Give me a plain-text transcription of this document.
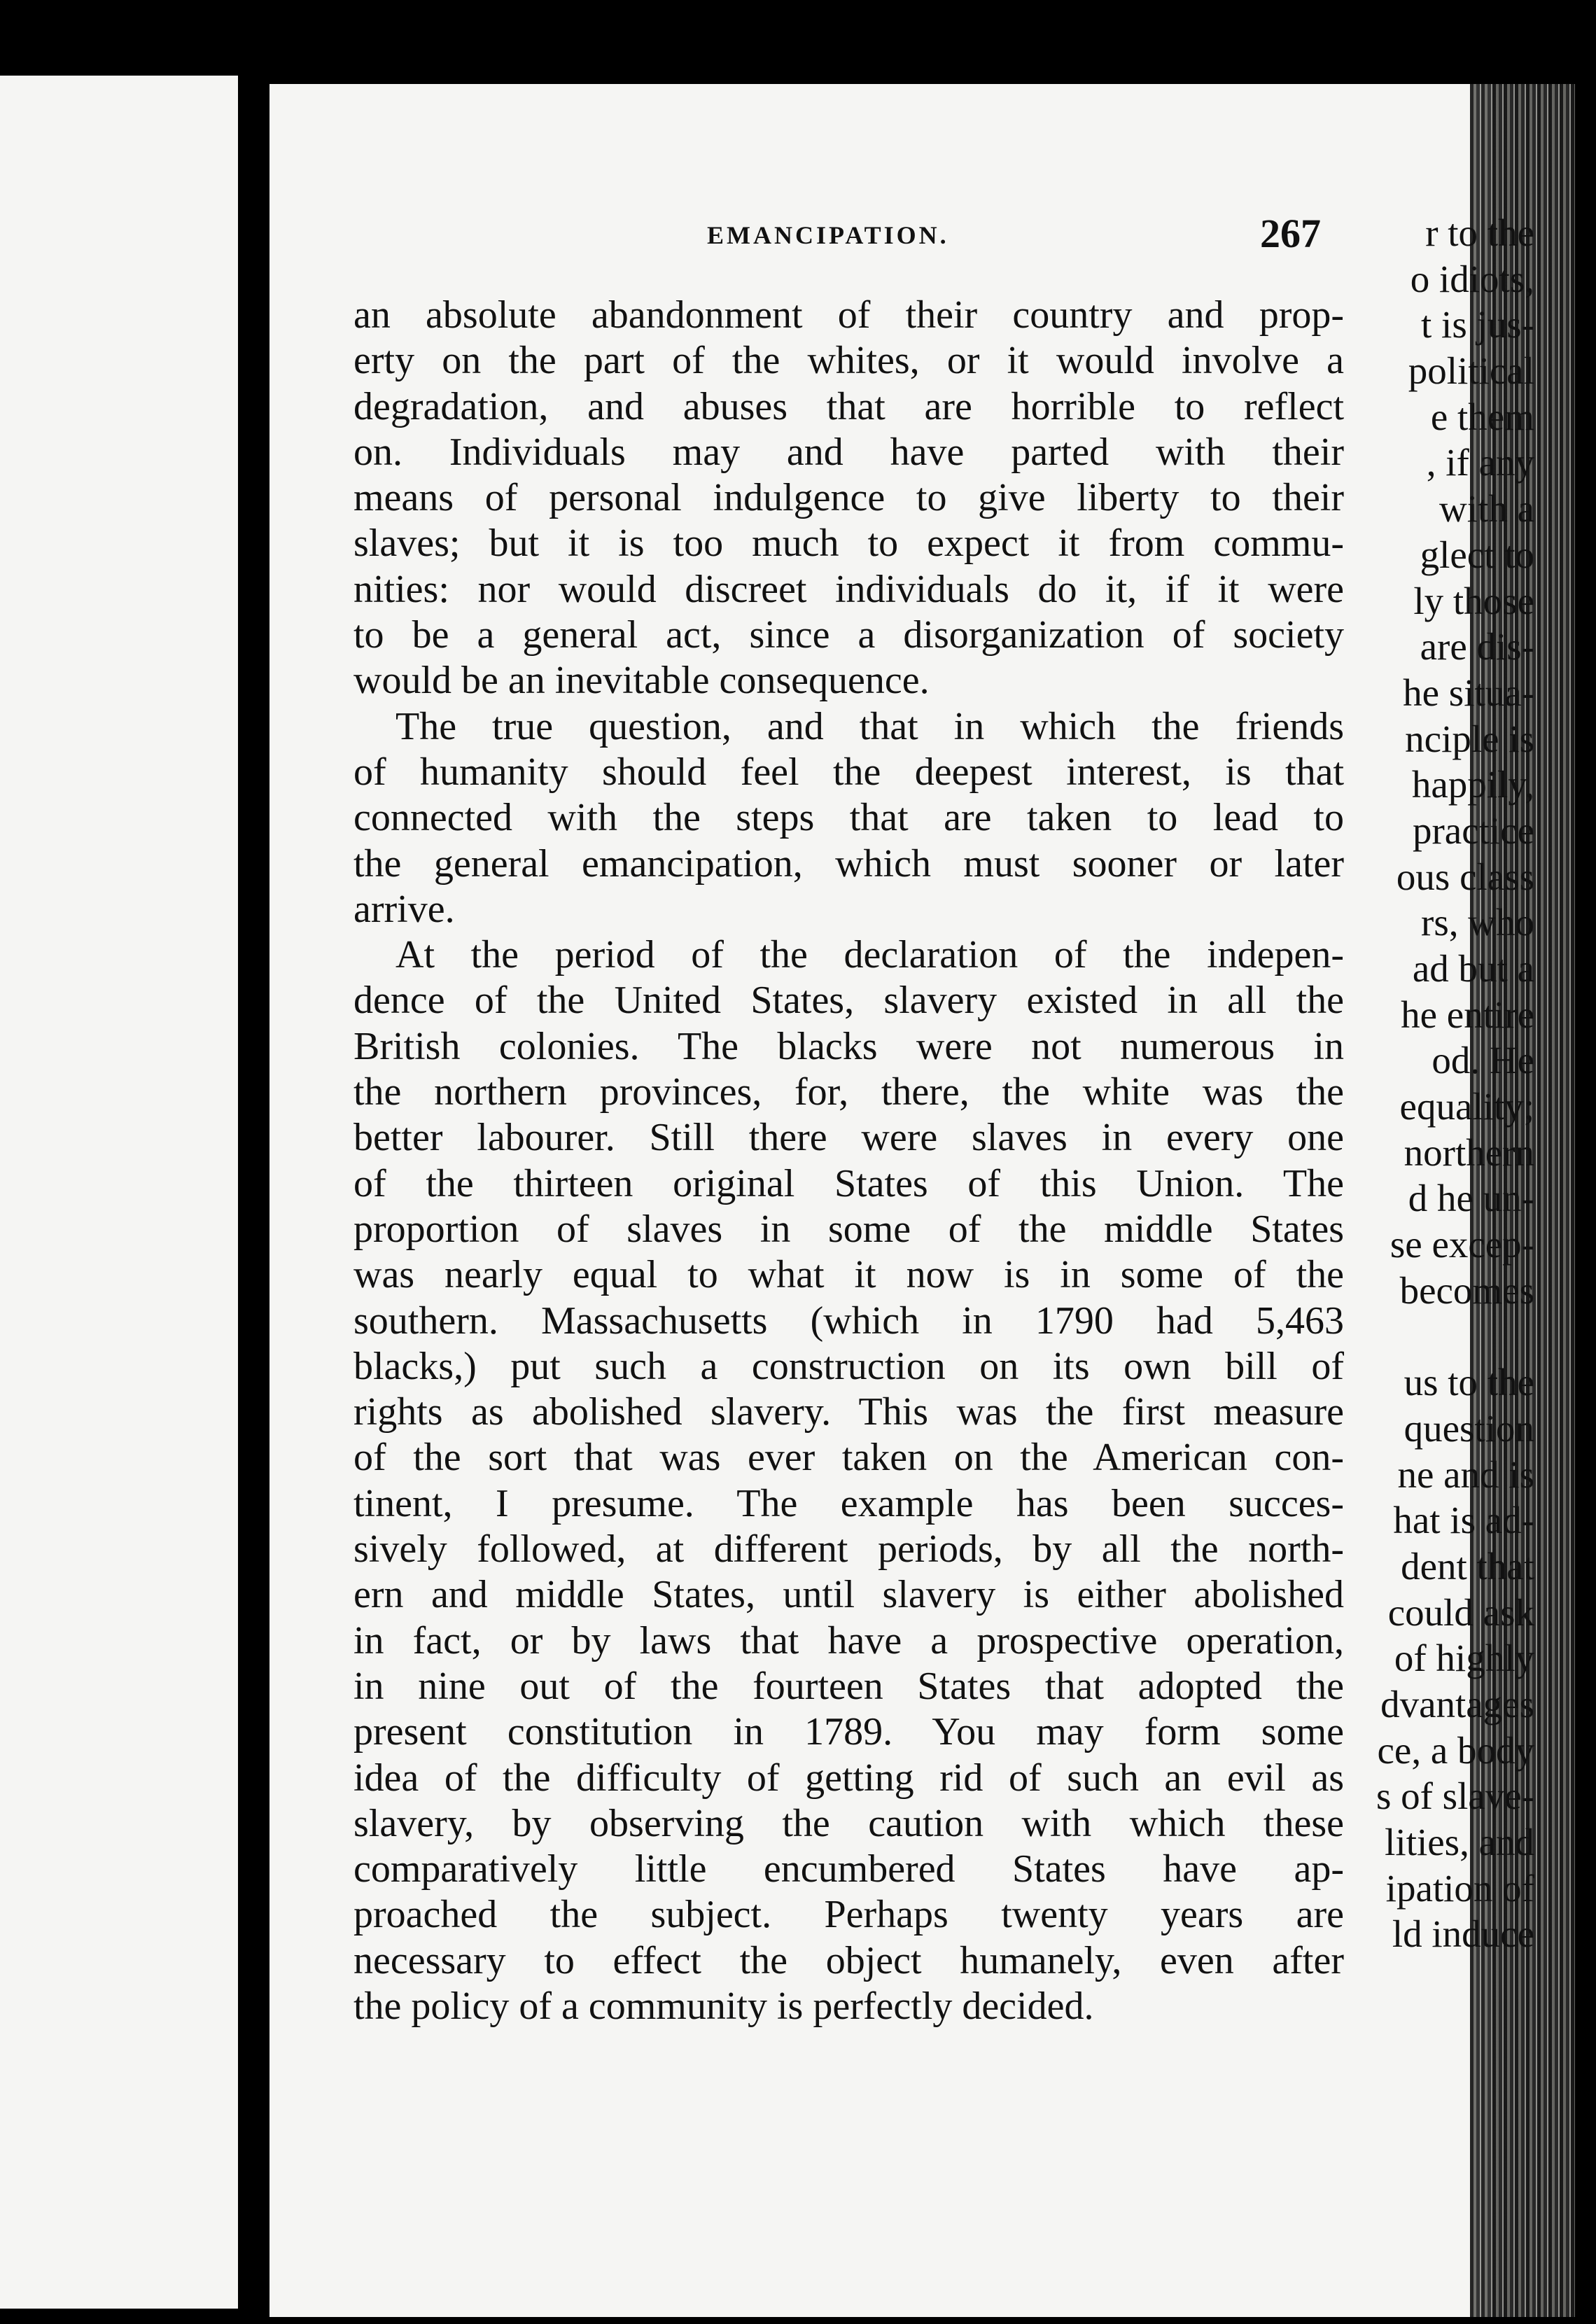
r to the
o idiots,
t is jus-
political
e them
, if any
with a
glect to
ly those
are dis-
he situa-
nciple is
happily,
practice
ous class
rs, who
ad but a
he entire
od. He
equality;
northern
d he un-
se excep-
becomes
us to the
question
ne and is
hat is ad-
dent that
could ask
of highly
dvantages
ce, a body
s of slave-
lities, and
ipation of
ld induce
EMANCIPATION.	267
an absolute abandonment of their country and prop-
erty on the part of the whites, or it would involve a
degradation, and abuses that are horrible to reflect
on. Individuals may and have parted with their
means of personal indulgence to give liberty to their
slaves; but it is too much to expect it from commu-
nities: nor would discreet individuals do it, if it were
to be a general act, since a disorganization of society
would be an inevitable consequence.
The true question, and that in which the friends
of humanity should feel the deepest interest, is that
connected with the steps that are taken to lead to
the general emancipation, which must sooner or later
arrive.
At the period of the declaration of the indepen-
dence of the United States, slavery existed in all the
British colonies. The blacks were not numerous in
the northern provinces, for, there, the white was the
better labourer. Still there were slaves in every one
of the thirteen original States of this Union. The
proportion of slaves in some of the middle States
was nearly equal to what it now is in some of the
southern. Massachusetts (which in 1790 had 5,463
blacks,) put such a construction on its own bill of
rights as abolished slavery. This was the first measure
of the sort that was ever taken on the American con-
tinent, I presume. The example has been succes-
sively followed, at different periods, by all the north-
ern and middle States, until slavery is either abolished
in fact, or by laws that have a prospective operation,
in nine out of the fourteen States that adopted the
present constitution in 1789. You may form some
idea of the difficulty of getting rid of such an evil as
slavery, by observing the caution with which these
comparatively little encumbered States have ap-
proached the subject. Perhaps twenty years are
necessary to effect the object humanely, even after
the policy of a community is perfectly decided.
